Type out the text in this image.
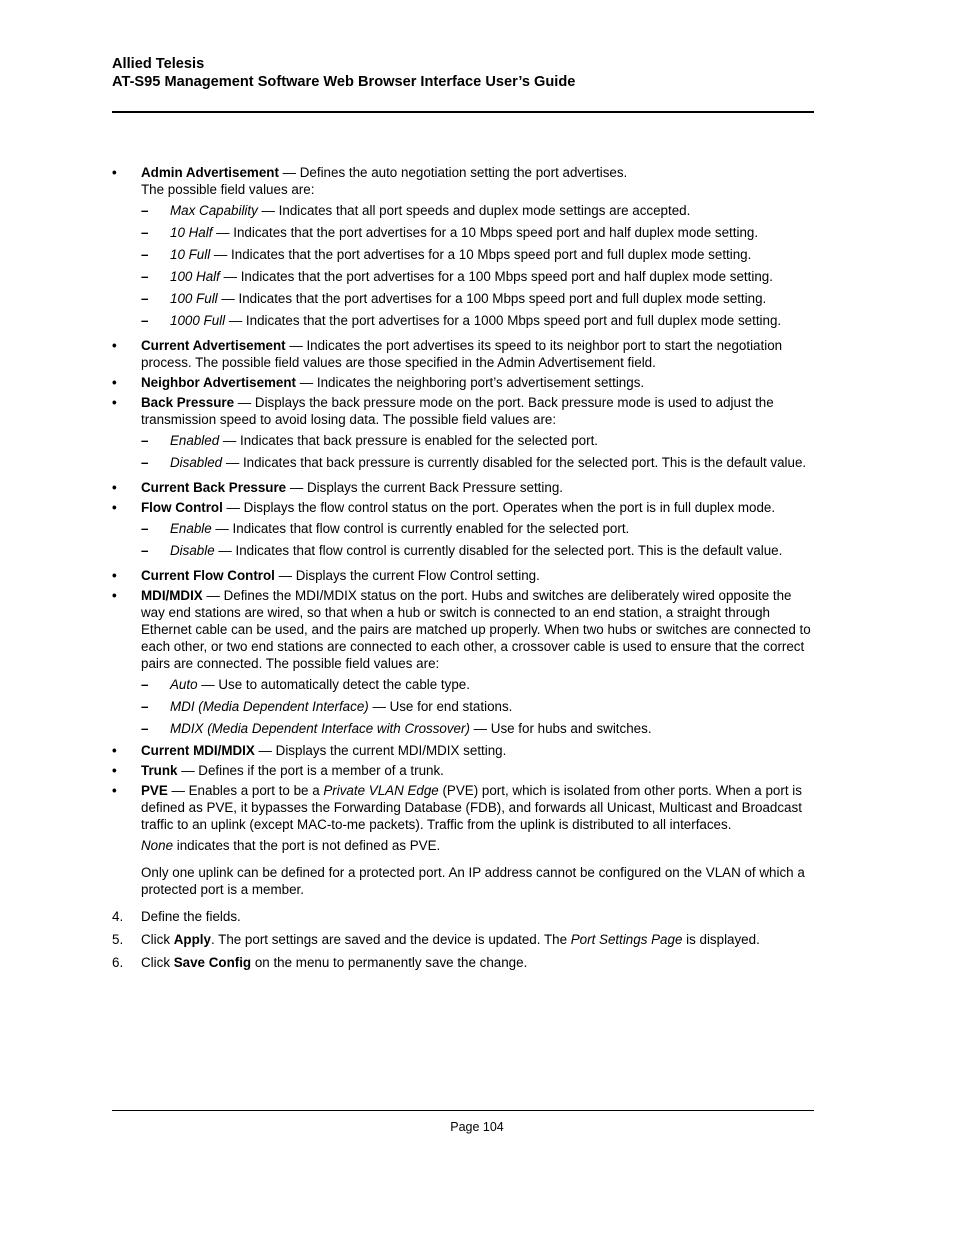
Allied Telesis
AT-S95 Management Software Web Browser Interface User’s Guide
• Admin Advertisement — Defines the auto negotiation setting the port advertises.
The possible field values are:
– Max Capability — Indicates that all port speeds and duplex mode settings are accepted.
– 10 Half — Indicates that the port advertises for a 10 Mbps speed port and half duplex mode setting.
– 10 Full — Indicates that the port advertises for a 10 Mbps speed port and full duplex mode setting.
– 100 Half — Indicates that the port advertises for a 100 Mbps speed port and half duplex mode setting.
– 100 Full — Indicates that the port advertises for a 100 Mbps speed port and full duplex mode setting.
– 1000 Full — Indicates that the port advertises for a 1000 Mbps speed port and full duplex mode setting.
• Current Advertisement — Indicates the port advertises its speed to its neighbor port to start the negotiation process. The possible field values are those specified in the Admin Advertisement field.
• Neighbor Advertisement — Indicates the neighboring port’s advertisement settings.
• Back Pressure — Displays the back pressure mode on the port. Back pressure mode is used to adjust the transmission speed to avoid losing data. The possible field values are:
– Enabled — Indicates that back pressure is enabled for the selected port.
– Disabled — Indicates that back pressure is currently disabled for the selected port. This is the default value.
• Current Back Pressure — Displays the current Back Pressure setting.
• Flow Control — Displays the flow control status on the port. Operates when the port is in full duplex mode.
– Enable — Indicates that flow control is currently enabled for the selected port.
– Disable — Indicates that flow control is currently disabled for the selected port. This is the default value.
• Current Flow Control — Displays the current Flow Control setting.
• MDI/MDIX — Defines the MDI/MDIX status on the port. Hubs and switches are deliberately wired opposite the way end stations are wired, so that when a hub or switch is connected to an end station, a straight through Ethernet cable can be used, and the pairs are matched up properly. When two hubs or switches are connected to each other, or two end stations are connected to each other, a crossover cable is used to ensure that the correct pairs are connected. The possible field values are:
– Auto — Use to automatically detect the cable type.
– MDI (Media Dependent Interface) — Use for end stations.
– MDIX (Media Dependent Interface with Crossover) — Use for hubs and switches.
• Current MDI/MDIX — Displays the current MDI/MDIX setting.
• Trunk — Defines if the port is a member of a trunk.
• PVE — Enables a port to be a Private VLAN Edge (PVE) port, which is isolated from other ports. When a port is defined as PVE, it bypasses the Forwarding Database (FDB), and forwards all Unicast, Multicast and Broadcast traffic to an uplink (except MAC-to-me packets). Traffic from the uplink is distributed to all interfaces.
None indicates that the port is not defined as PVE.
Only one uplink can be defined for a protected port. An IP address cannot be configured on the VLAN of which a protected port is a member.
4. Define the fields.
5. Click Apply. The port settings are saved and the device is updated. The Port Settings Page is displayed.
6. Click Save Config on the menu to permanently save the change.
Page 104
